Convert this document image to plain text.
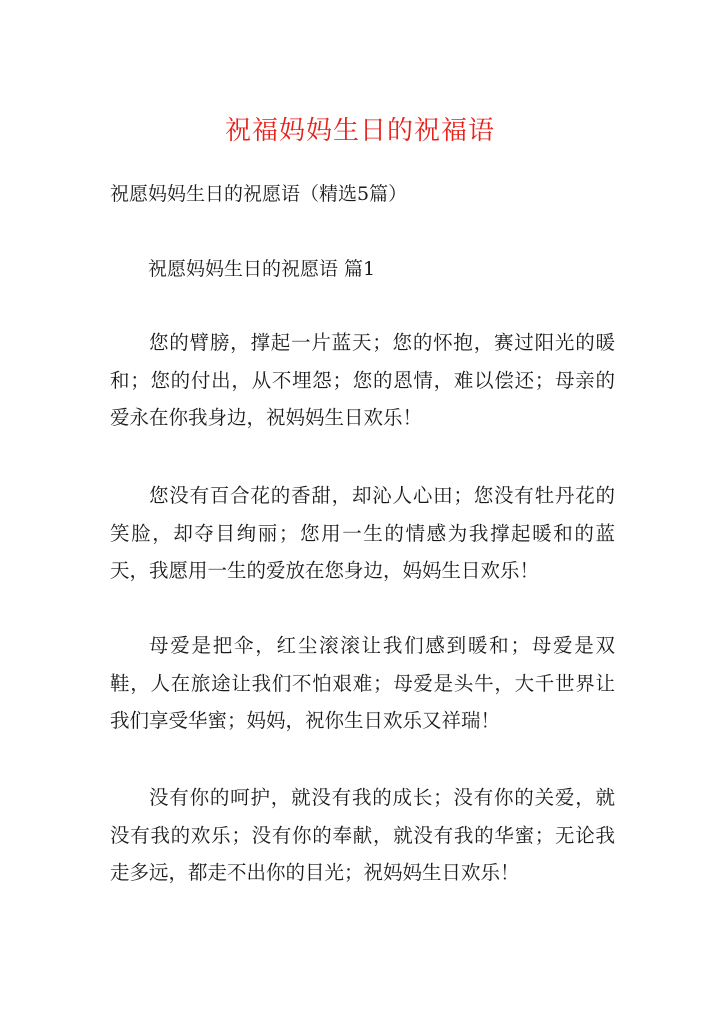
祝福妈妈生日的祝福语
祝愿妈妈生日的祝愿语（精选5篇）
祝愿妈妈生日的祝愿语 篇1

您的臂膀，撑起一片蓝天；您的怀抱，赛过阳光的暖和；您的付出，从不埋怨；您的恩情，难以偿还；母亲的爱永在你我身边，祝妈妈生日欢乐！

您没有百合花的香甜，却沁人心田；您没有牡丹花的笑脸，却夺目绚丽；您用一生的情感为我撑起暖和的蓝天，我愿用一生的爱放在您身边，妈妈生日欢乐！

母爱是把伞，红尘滚滚让我们感到暖和；母爱是双鞋，人在旅途让我们不怕艰难；母爱是头牛，大千世界让我们享受华蜜；妈妈，祝你生日欢乐又祥瑞！

没有你的呵护，就没有我的成长；没有你的关爱，就没有我的欢乐；没有你的奉献，就没有我的华蜜；无论我走多远，都走不出你的目光；祝妈妈生日欢乐！
